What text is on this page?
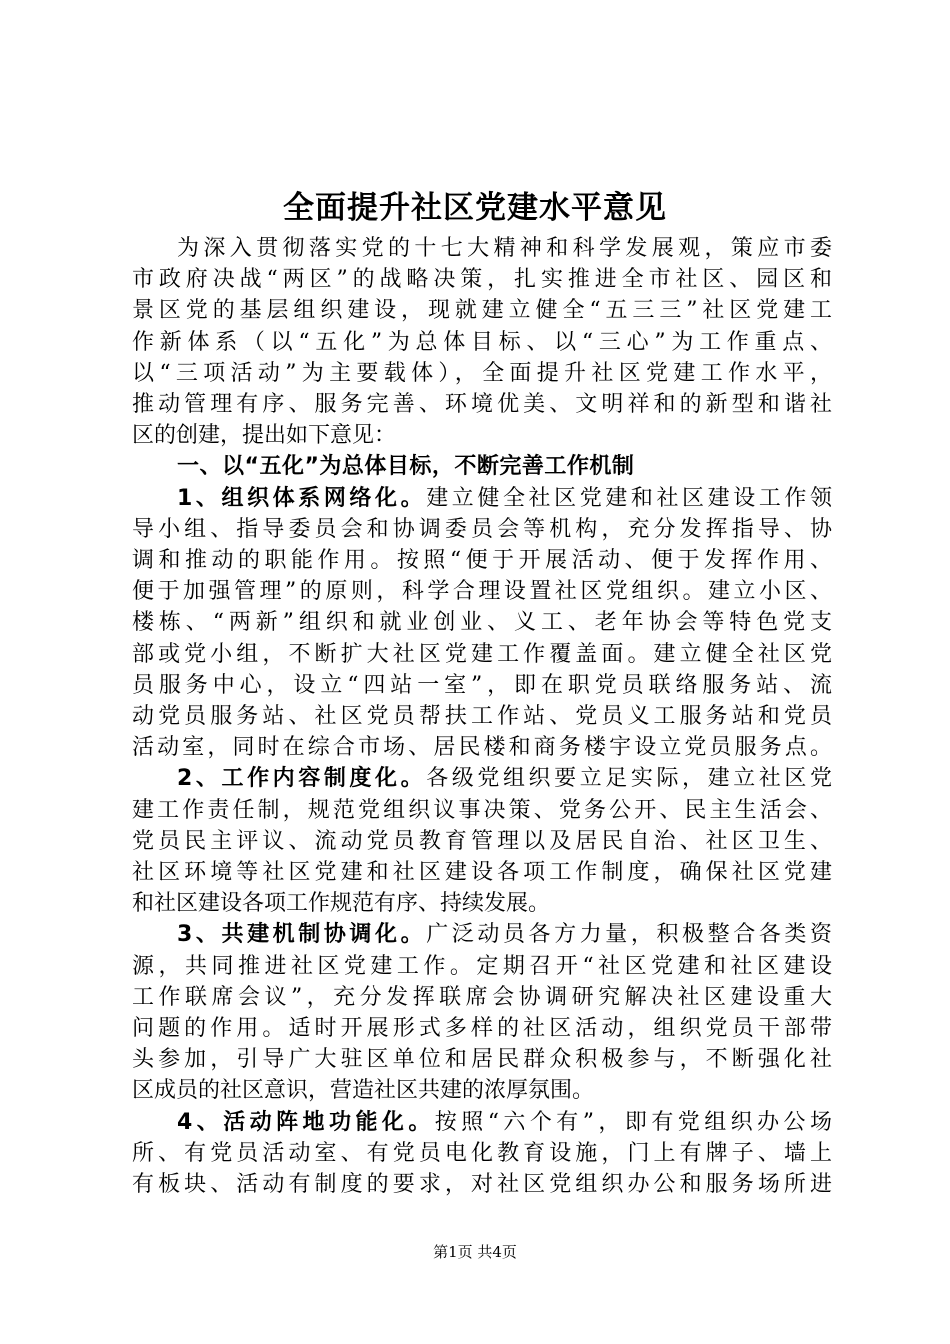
全面提升社区党建水平意见

为深入贯彻落实党的十七大精神和科学发展观，策应市委

市政府决战“两区”的战略决策，扎实推进全市社区、园区和

景区党的基层组织建设，现就建立健全“五三三”社区党建工

作新体系（以“五化”为总体目标、以“三心”为工作重点、

以“三项活动”为主要载体），全面提升社区党建工作水平，

推动管理有序、服务完善、环境优美、文明祥和的新型和谐社

区的创建，提出如下意见：

一、以“五化”为总体目标，不断完善工作机制

1、组织体系网络化。建立健全社区党建和社区建设工作领

导小组、指导委员会和协调委员会等机构，充分发挥指导、协

调和推动的职能作用。按照“便于开展活动、便于发挥作用、

便于加强管理”的原则，科学合理设置社区党组织。建立小区、

楼栋、“两新”组织和就业创业、义工、老年协会等特色党支

部或党小组，不断扩大社区党建工作覆盖面。建立健全社区党

员服务中心，设立“四站一室”，即在职党员联络服务站、流

动党员服务站、社区党员帮扶工作站、党员义工服务站和党员

活动室，同时在综合市场、居民楼和商务楼宇设立党员服务点。

2、工作内容制度化。各级党组织要立足实际，建立社区党

建工作责任制，规范党组织议事决策、党务公开、民主生活会、

党员民主评议、流动党员教育管理以及居民自治、社区卫生、

社区环境等社区党建和社区建设各项工作制度，确保社区党建

和社区建设各项工作规范有序、持续发展。

3、共建机制协调化。广泛动员各方力量，积极整合各类资

源，共同推进社区党建工作。定期召开“社区党建和社区建设

工作联席会议”，充分发挥联席会协调研究解决社区建设重大

问题的作用。适时开展形式多样的社区活动，组织党员干部带

头参加，引导广大驻区单位和居民群众积极参与，不断强化社

区成员的社区意识，营造社区共建的浓厚氛围。

4、活动阵地功能化。按照“六个有”，即有党组织办公场

所、有党员活动室、有党员电化教育设施，门上有牌子、墙上

有板块、活动有制度的要求，对社区党组织办公和服务场所进

第1页 共4页
